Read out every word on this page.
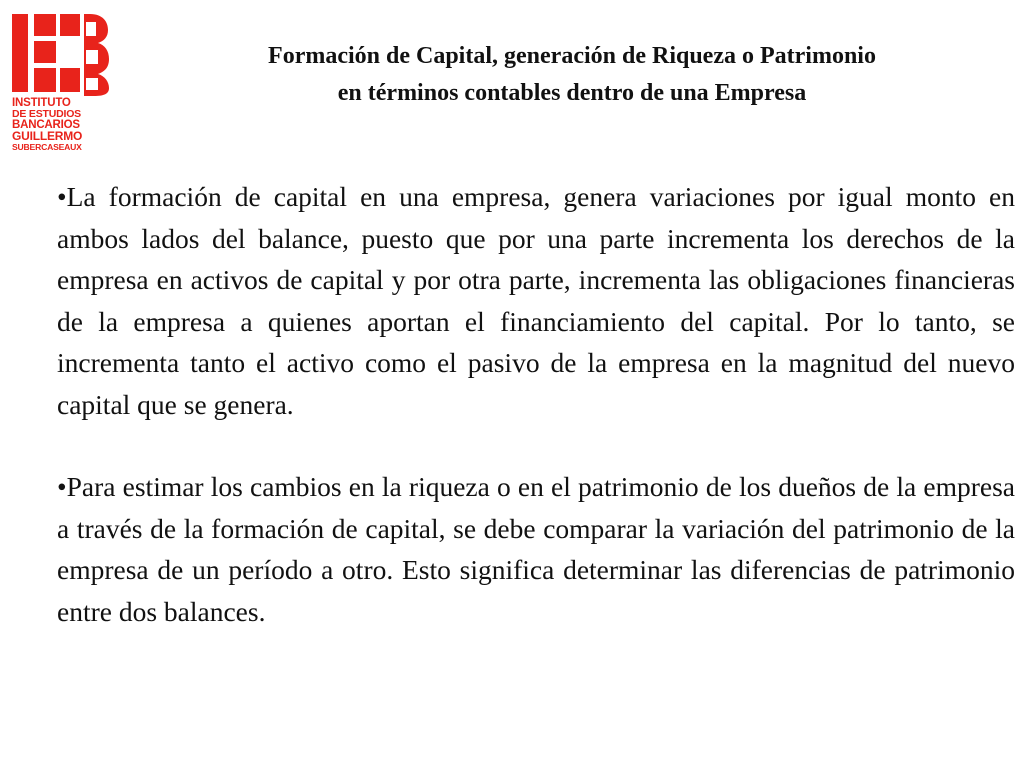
INSTITUTO
DE ESTUDIOS
BANCARIOS
GUILLERMO
SUBERCASEAUX
Formación de Capital, generación de Riqueza o Patrimonio
en términos contables dentro de una Empresa

•La formación de capital en una empresa, genera variaciones por igual monto en ambos lados del balance, puesto que por una parte incrementa los derechos de la empresa en activos de capital y por otra parte, incrementa las obligaciones financieras de la empresa a quienes aportan el financiamiento del capital. Por lo tanto, se incrementa tanto el activo como el pasivo de la empresa en la magnitud del nuevo capital que se genera.

•Para estimar los cambios en la riqueza o en el patrimonio de los dueños de la empresa a través de la formación de capital, se debe comparar la variación del patrimonio de la empresa de un período a otro. Esto significa determinar las diferencias de patrimonio entre dos balances.
